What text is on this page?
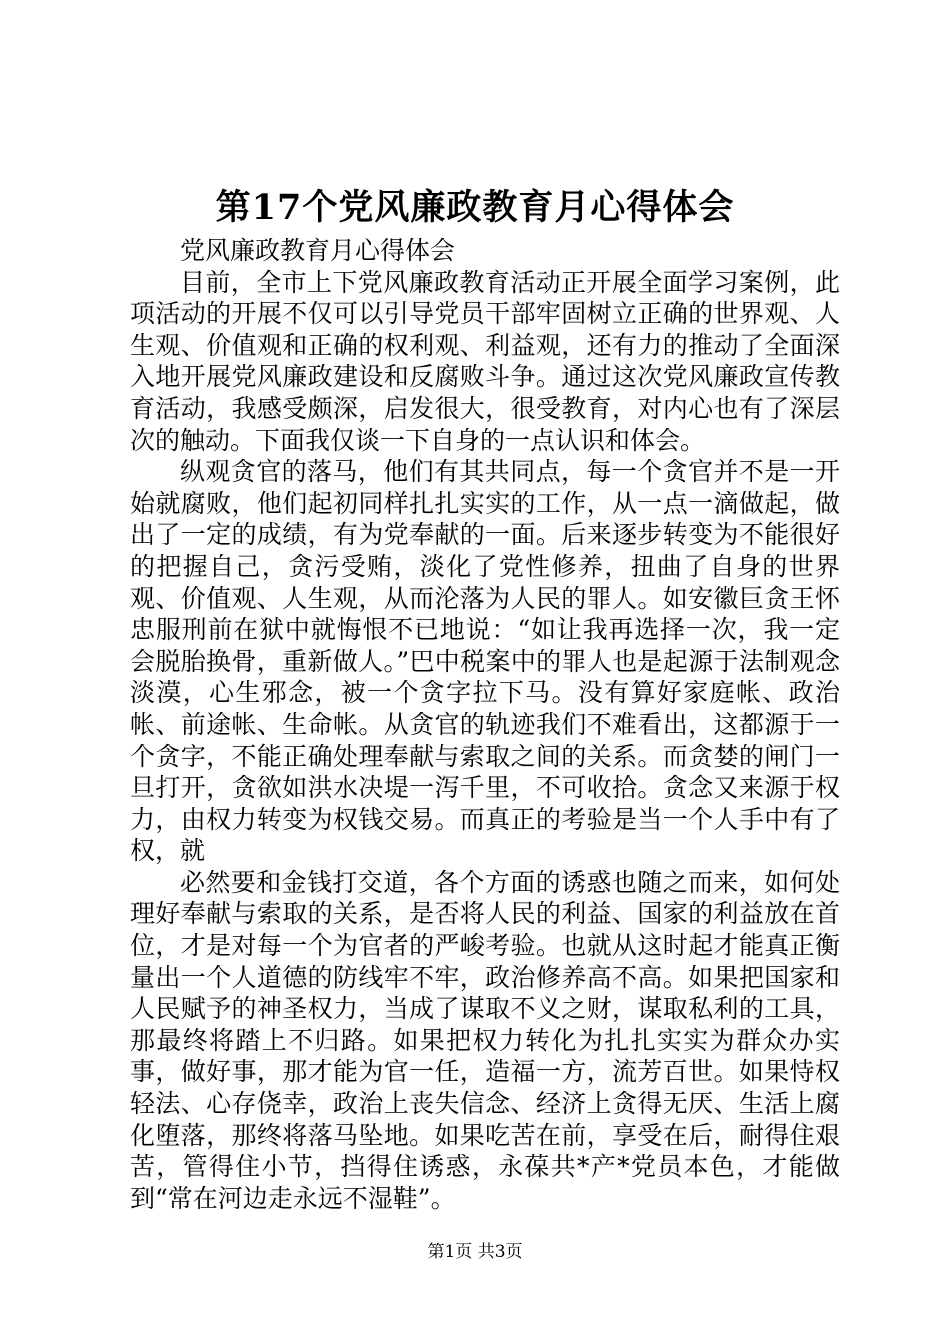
第17个党风廉政教育月心得体会

党风廉政教育月心得体会

目前，全市上下党风廉政教育活动正开展全面学习案例，此项活动的开展不仅可以引导党员干部牢固树立正确的世界观、人生观、价值观和正确的权利观、利益观，还有力的推动了全面深入地开展党风廉政建设和反腐败斗争。通过这次党风廉政宣传教育活动，我感受颇深，启发很大，很受教育，对内心也有了深层次的触动。下面我仅谈一下自身的一点认识和体会。

纵观贪官的落马，他们有其共同点，每一个贪官并不是一开始就腐败，他们起初同样扎扎实实的工作，从一点一滴做起，做出了一定的成绩，有为党奉献的一面。后来逐步转变为不能很好的把握自己，贪污受贿，淡化了党性修养，扭曲了自身的世界观、价值观、人生观，从而沦落为人民的罪人。如安徽巨贪王怀忠服刑前在狱中就悔恨不已地说：“如让我再选择一次，我一定会脱胎换骨，重新做人。”巴中税案中的罪人也是起源于法制观念淡漠，心生邪念，被一个贪字拉下马。没有算好家庭帐、政治帐、前途帐、生命帐。从贪官的轨迹我们不难看出，这都源于一个贪字，不能正确处理奉献与索取之间的关系。而贪婪的闸门一旦打开，贪欲如洪水决堤一泻千里，不可收拾。贪念又来源于权力，由权力转变为权钱交易。而真正的考验是当一个人手中有了权，就

必然要和金钱打交道，各个方面的诱惑也随之而来，如何处理好奉献与索取的关系，是否将人民的利益、国家的利益放在首位，才是对每一个为官者的严峻考验。也就从这时起才能真正衡量出一个人道德的防线牢不牢，政治修养高不高。如果把国家和人民赋予的神圣权力，当成了谋取不义之财，谋取私利的工具，那最终将踏上不归路。如果把权力转化为扎扎实实为群众办实事，做好事，那才能为官一任，造福一方，流芳百世。如果恃权轻法、心存侥幸，政治上丧失信念、经济上贪得无厌、生活上腐化堕落，那终将落马坠地。如果吃苦在前，享受在后，耐得住艰苦，管得住小节，挡得住诱惑，永葆共*产*党员本色，才能做到“常在河边走永远不湿鞋”。

第1页 共3页
